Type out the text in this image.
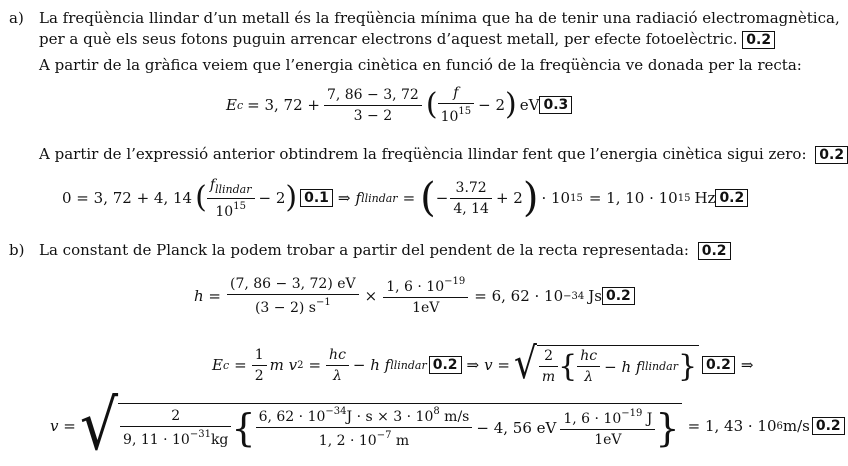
a) La freqüència llindar d’un metall és la freqüència mínima que ha de tenir una radiació electromagnètica,
per a què els seus fotons puguin arrencar electrons d’aquest metall, per efecte fotoelèctric. 0.2
A partir de la gràfica veiem que l’energia cinètica en funció de la freqüència ve donada per la recta:
E c = 3, $72 + \frac{7, 86 - 3, 72}{3 - 2}$ ( $\frac{f}{10^{15}} - 2$ ) eV 0.3
A partir de l’expressió anterior obtindrem la freqüència llindar fent que l’energia cinètica sigui zero: 0.2
0 = 3, 72 + 4, 14 ( $\frac{f_{llindar}}{10^{15}} - 2$ ) 0.1 ⇒ f llindar = ( − $\frac{3.72}{4, 14} + 2$ ) · 10 15 = 1, 10 · 10 15 Hz 0.2
b) La constant de Planck la podem trobar a partir del pendent de la recta representada: 0.2
$h = \frac{(7, 86 - 3, 72) eV}{(3 - 2) s^{-1}} \times \frac{1, 6 \cdot 10^{-19}}{1eV} = 6$, 62 · 10 −34 Js 0.2
E $c = \frac{1}{2}$ m v $2 = \frac{hc}{\lambda} - h$ f llindar 0.2 ⇒ v = √ $\frac{2}{m}$ { $\frac{hc}{\lambda} - h$ f llindar } 0.2 ⇒
v = √ $\frac{2}{9, 11 \cdot 10^{-31}kg}$ { $\frac{6, 62 \cdot 10^{-34}J \cdot s \times 3 \cdot 10^8 m/s}{1, 2 \cdot 10^{-7} m} - 4$, 56 eV $\frac{1, 6 \cdot 10^{-19} J}{1eV}$ } = 1, 43 · 10 6 m/s 0.2
